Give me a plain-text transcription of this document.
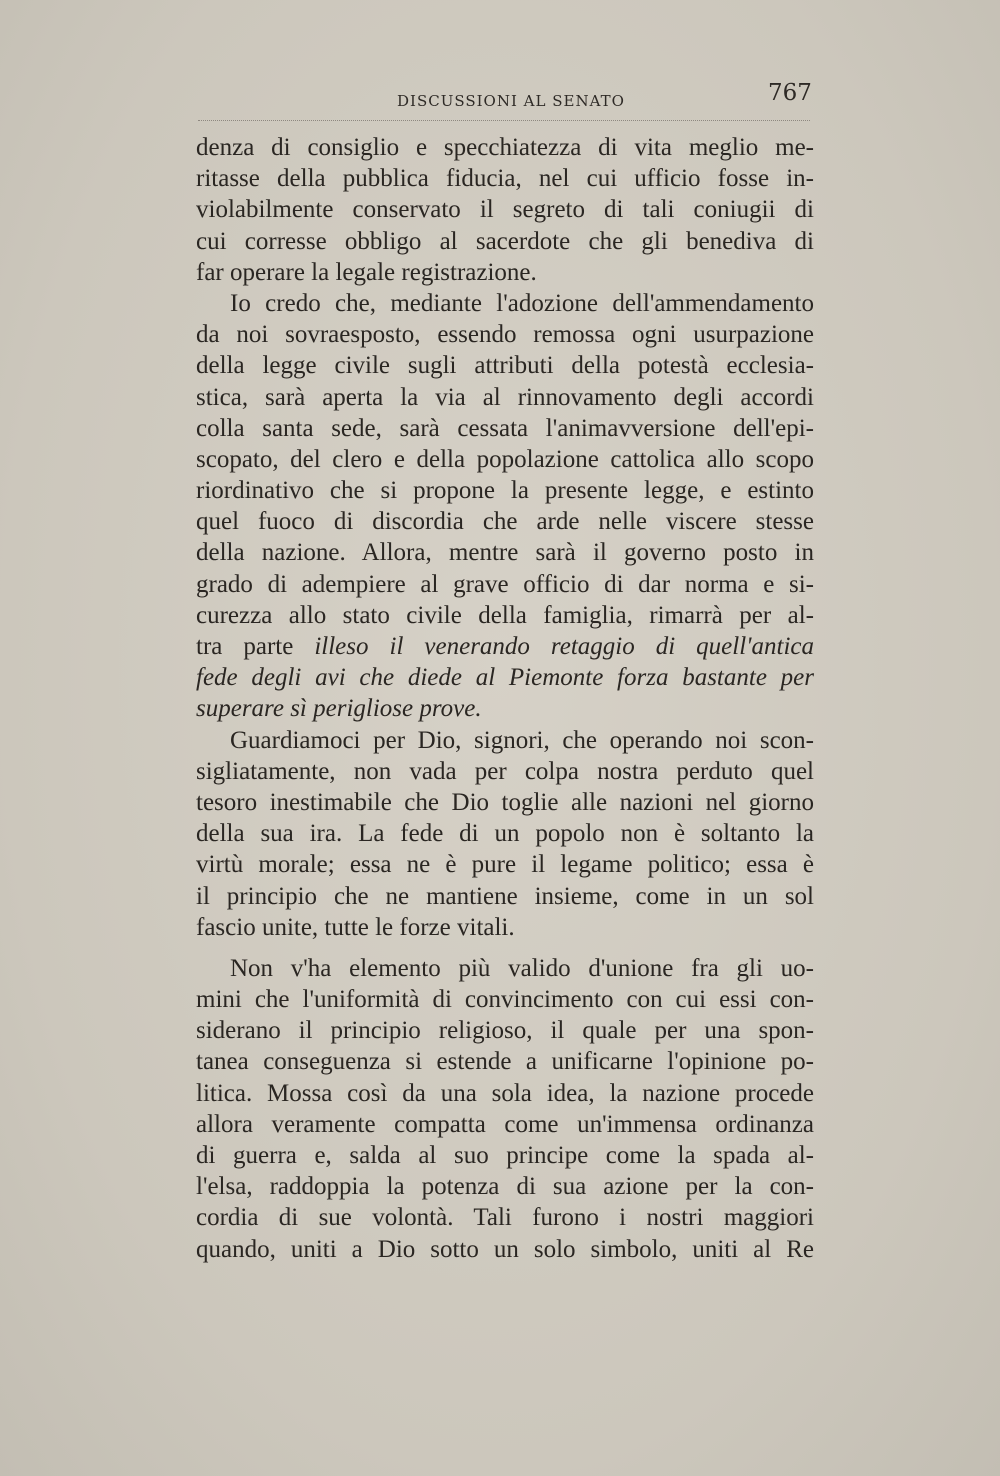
DISCUSSIONI AL SENATO	767
denza di consiglio e specchiatezza di vita meglio me-
ritasse della pubblica fiducia, nel cui ufficio fosse in-
violabilmente conservato il segreto di tali coniugii di
cui corresse obbligo al sacerdote che gli benediva di
far operare la legale registrazione.
Io credo che, mediante l'adozione dell'ammendamento
da noi sovraesposto, essendo remossa ogni usurpazione
della legge civile sugli attributi della potestà ecclesia-
stica, sarà aperta la via al rinnovamento degli accordi
colla santa sede, sarà cessata l'animavversione dell'epi-
scopato, del clero e della popolazione cattolica allo scopo
riordinativo che si propone la presente legge, e estinto
quel fuoco di discordia che arde nelle viscere stesse
della nazione. Allora, mentre sarà il governo posto in
grado di adempiere al grave officio di dar norma e si-
curezza allo stato civile della famiglia, rimarrà per al-
tra parte illeso il venerando retaggio di quell'antica
fede degli avi che diede al Piemonte forza bastante per
superare sì perigliose prove.
Guardiamoci per Dio, signori, che operando noi scon-
sigliatamente, non vada per colpa nostra perduto quel
tesoro inestimabile che Dio toglie alle nazioni nel giorno
della sua ira. La fede di un popolo non è soltanto la
virtù morale; essa ne è pure il legame politico; essa è
il principio che ne mantiene insieme, come in un sol
fascio unite, tutte le forze vitali.
Non v'ha elemento più valido d'unione fra gli uo-
mini che l'uniformità di convincimento con cui essi con-
siderano il principio religioso, il quale per una spon-
tanea conseguenza si estende a unificarne l'opinione po-
litica. Mossa così da una sola idea, la nazione procede
allora veramente compatta come un'immensa ordinanza
di guerra e, salda al suo principe come la spada al-
l'elsa, raddoppia la potenza di sua azione per la con-
cordia di sue volontà. Tali furono i nostri maggiori
quando, uniti a Dio sotto un solo simbolo, uniti al Re
